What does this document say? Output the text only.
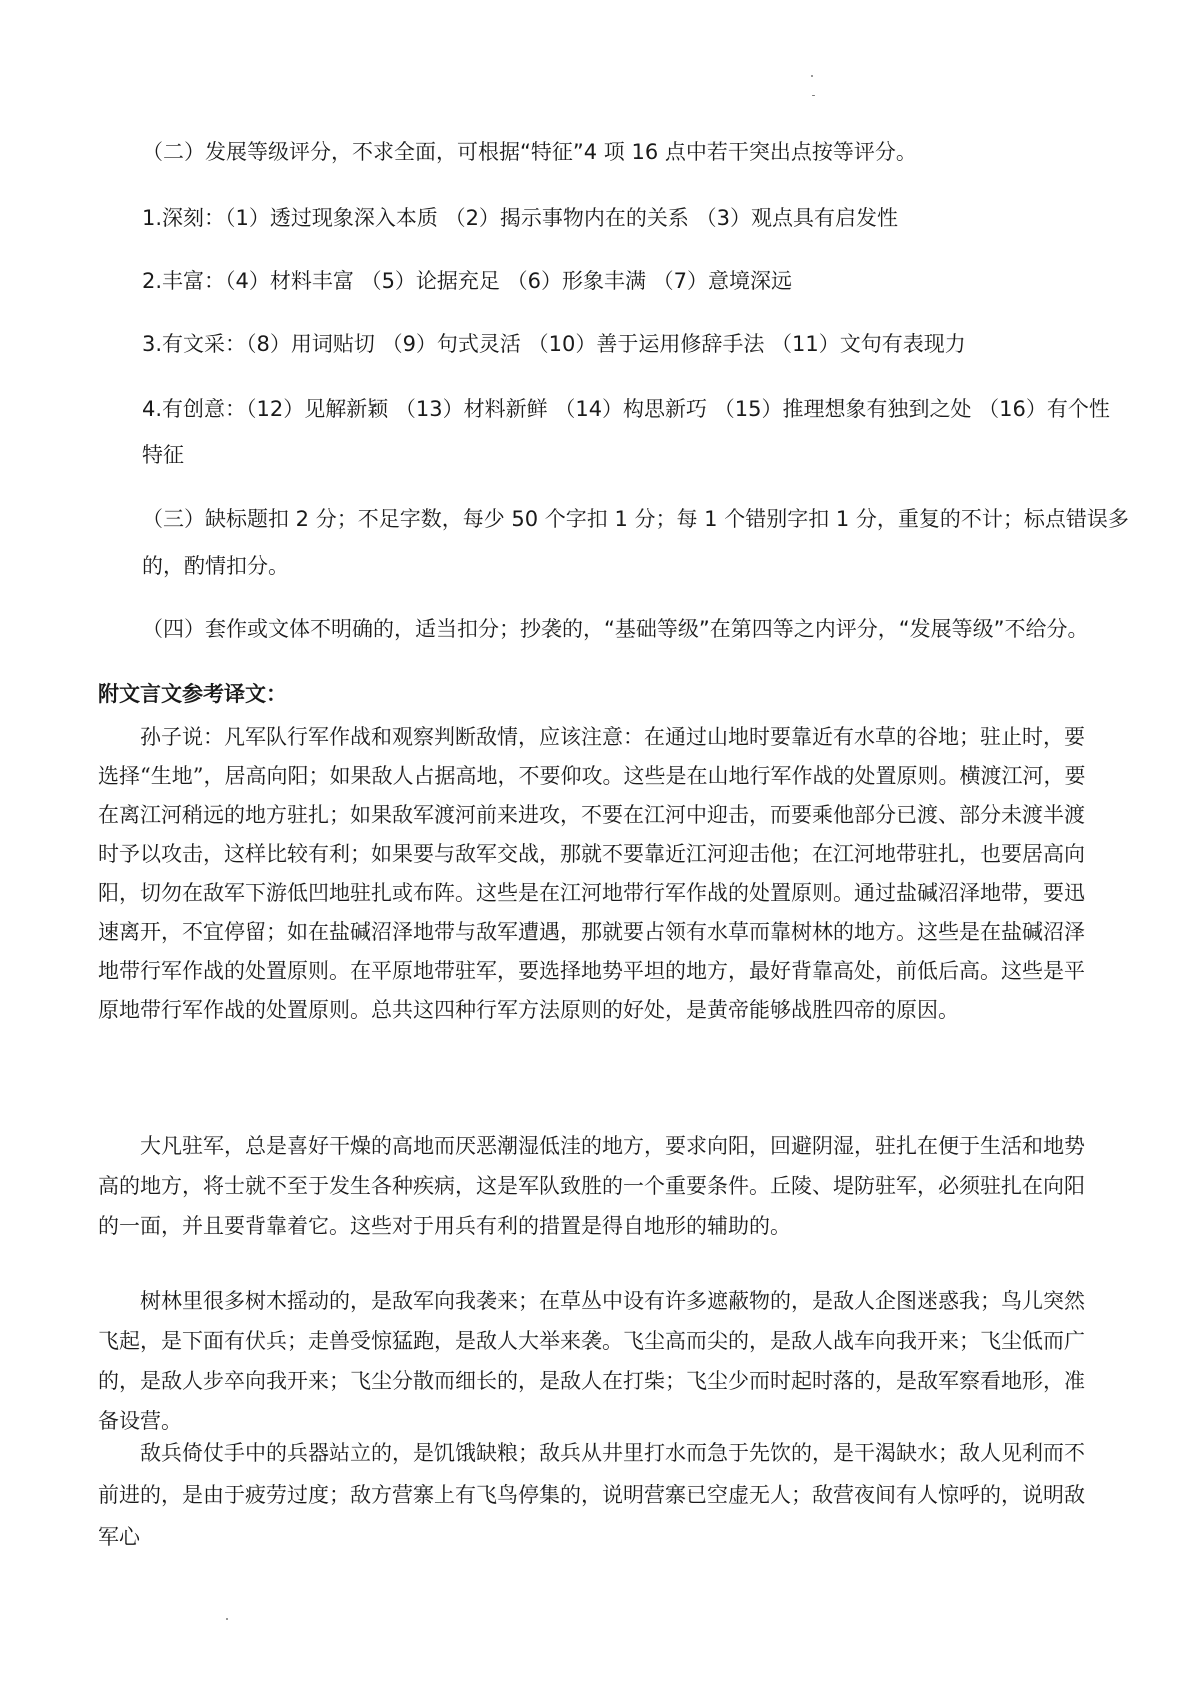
（二）发展等级评分，不求全面，可根据“特征”4 项 16 点中若干突出点按等评分。
1.深刻：（1）透过现象深入本质 （2）揭示事物内在的关系 （3）观点具有启发性
2.丰富：（4）材料丰富 （5）论据充足 （6）形象丰满 （7）意境深远
3.有文采：（8）用词贴切 （9）句式灵活 （10）善于运用修辞手法 （11）文句有表现力
4.有创意：（12）见解新颖 （13）材料新鲜 （14）构思新巧 （15）推理想象有独到之处 （16）有个性
特征
（三）缺标题扣 2 分；不足字数，每少 50 个字扣 1 分；每 1 个错别字扣 1 分，重复的不计；标点错误多
的，酌情扣分。
（四）套作或文体不明确的，适当扣分；抄袭的，“基础等级”在第四等之内评分，“发展等级”不给分。
附文言文参考译文：

孙子说：凡军队行军作战和观察判断敌情，应该注意：在通过山地时要靠近有水草的谷地；驻止时，要选择“生地”，居高向阳；如果敌人占据高地，不要仰攻。这些是在山地行军作战的处置原则。横渡江河，要在离江河稍远的地方驻扎；如果敌军渡河前来进攻，不要在江河中迎击，而要乘他部分已渡、部分未渡半渡时予以攻击，这样比较有利；如果要与敌军交战，那就不要靠近江河迎击他；在江河地带驻扎，也要居高向阳，切勿在敌军下游低凹地驻扎或布阵。这些是在江河地带行军作战的处置原则。通过盐碱沼泽地带，要迅速离开，不宜停留；如在盐碱沼泽地带与敌军遭遇，那就要占领有水草而靠树林的地方。这些是在盐碱沼泽地带行军作战的处置原则。在平原地带驻军，要选择地势平坦的地方，最好背靠高处，前低后高。这些是平原地带行军作战的处置原则。总共这四种行军方法原则的好处，是黄帝能够战胜四帝的原因。

大凡驻军，总是喜好干燥的高地而厌恶潮湿低洼的地方，要求向阳，回避阴湿，驻扎在便于生活和地势高的地方，将士就不至于发生各种疾病，这是军队致胜的一个重要条件。丘陵、堤防驻军，必须驻扎在向阳的一面，并且要背靠着它。这些对于用兵有利的措置是得自地形的辅助的。

树林里很多树木摇动的，是敌军向我袭来；在草丛中设有许多遮蔽物的，是敌人企图迷惑我；鸟儿突然飞起，是下面有伏兵；走兽受惊猛跑，是敌人大举来袭。飞尘高而尖的，是敌人战车向我开来；飞尘低而广的，是敌人步卒向我开来；飞尘分散而细长的，是敌人在打柴；飞尘少而时起时落的，是敌军察看地形，准备设营。

敌兵倚仗手中的兵器站立的，是饥饿缺粮；敌兵从井里打水而急于先饮的，是干渴缺水；敌人见利而不前进的，是由于疲劳过度；敌方营寨上有飞鸟停集的，说明营寨已空虚无人；敌营夜间有人惊呼的，说明敌军心
